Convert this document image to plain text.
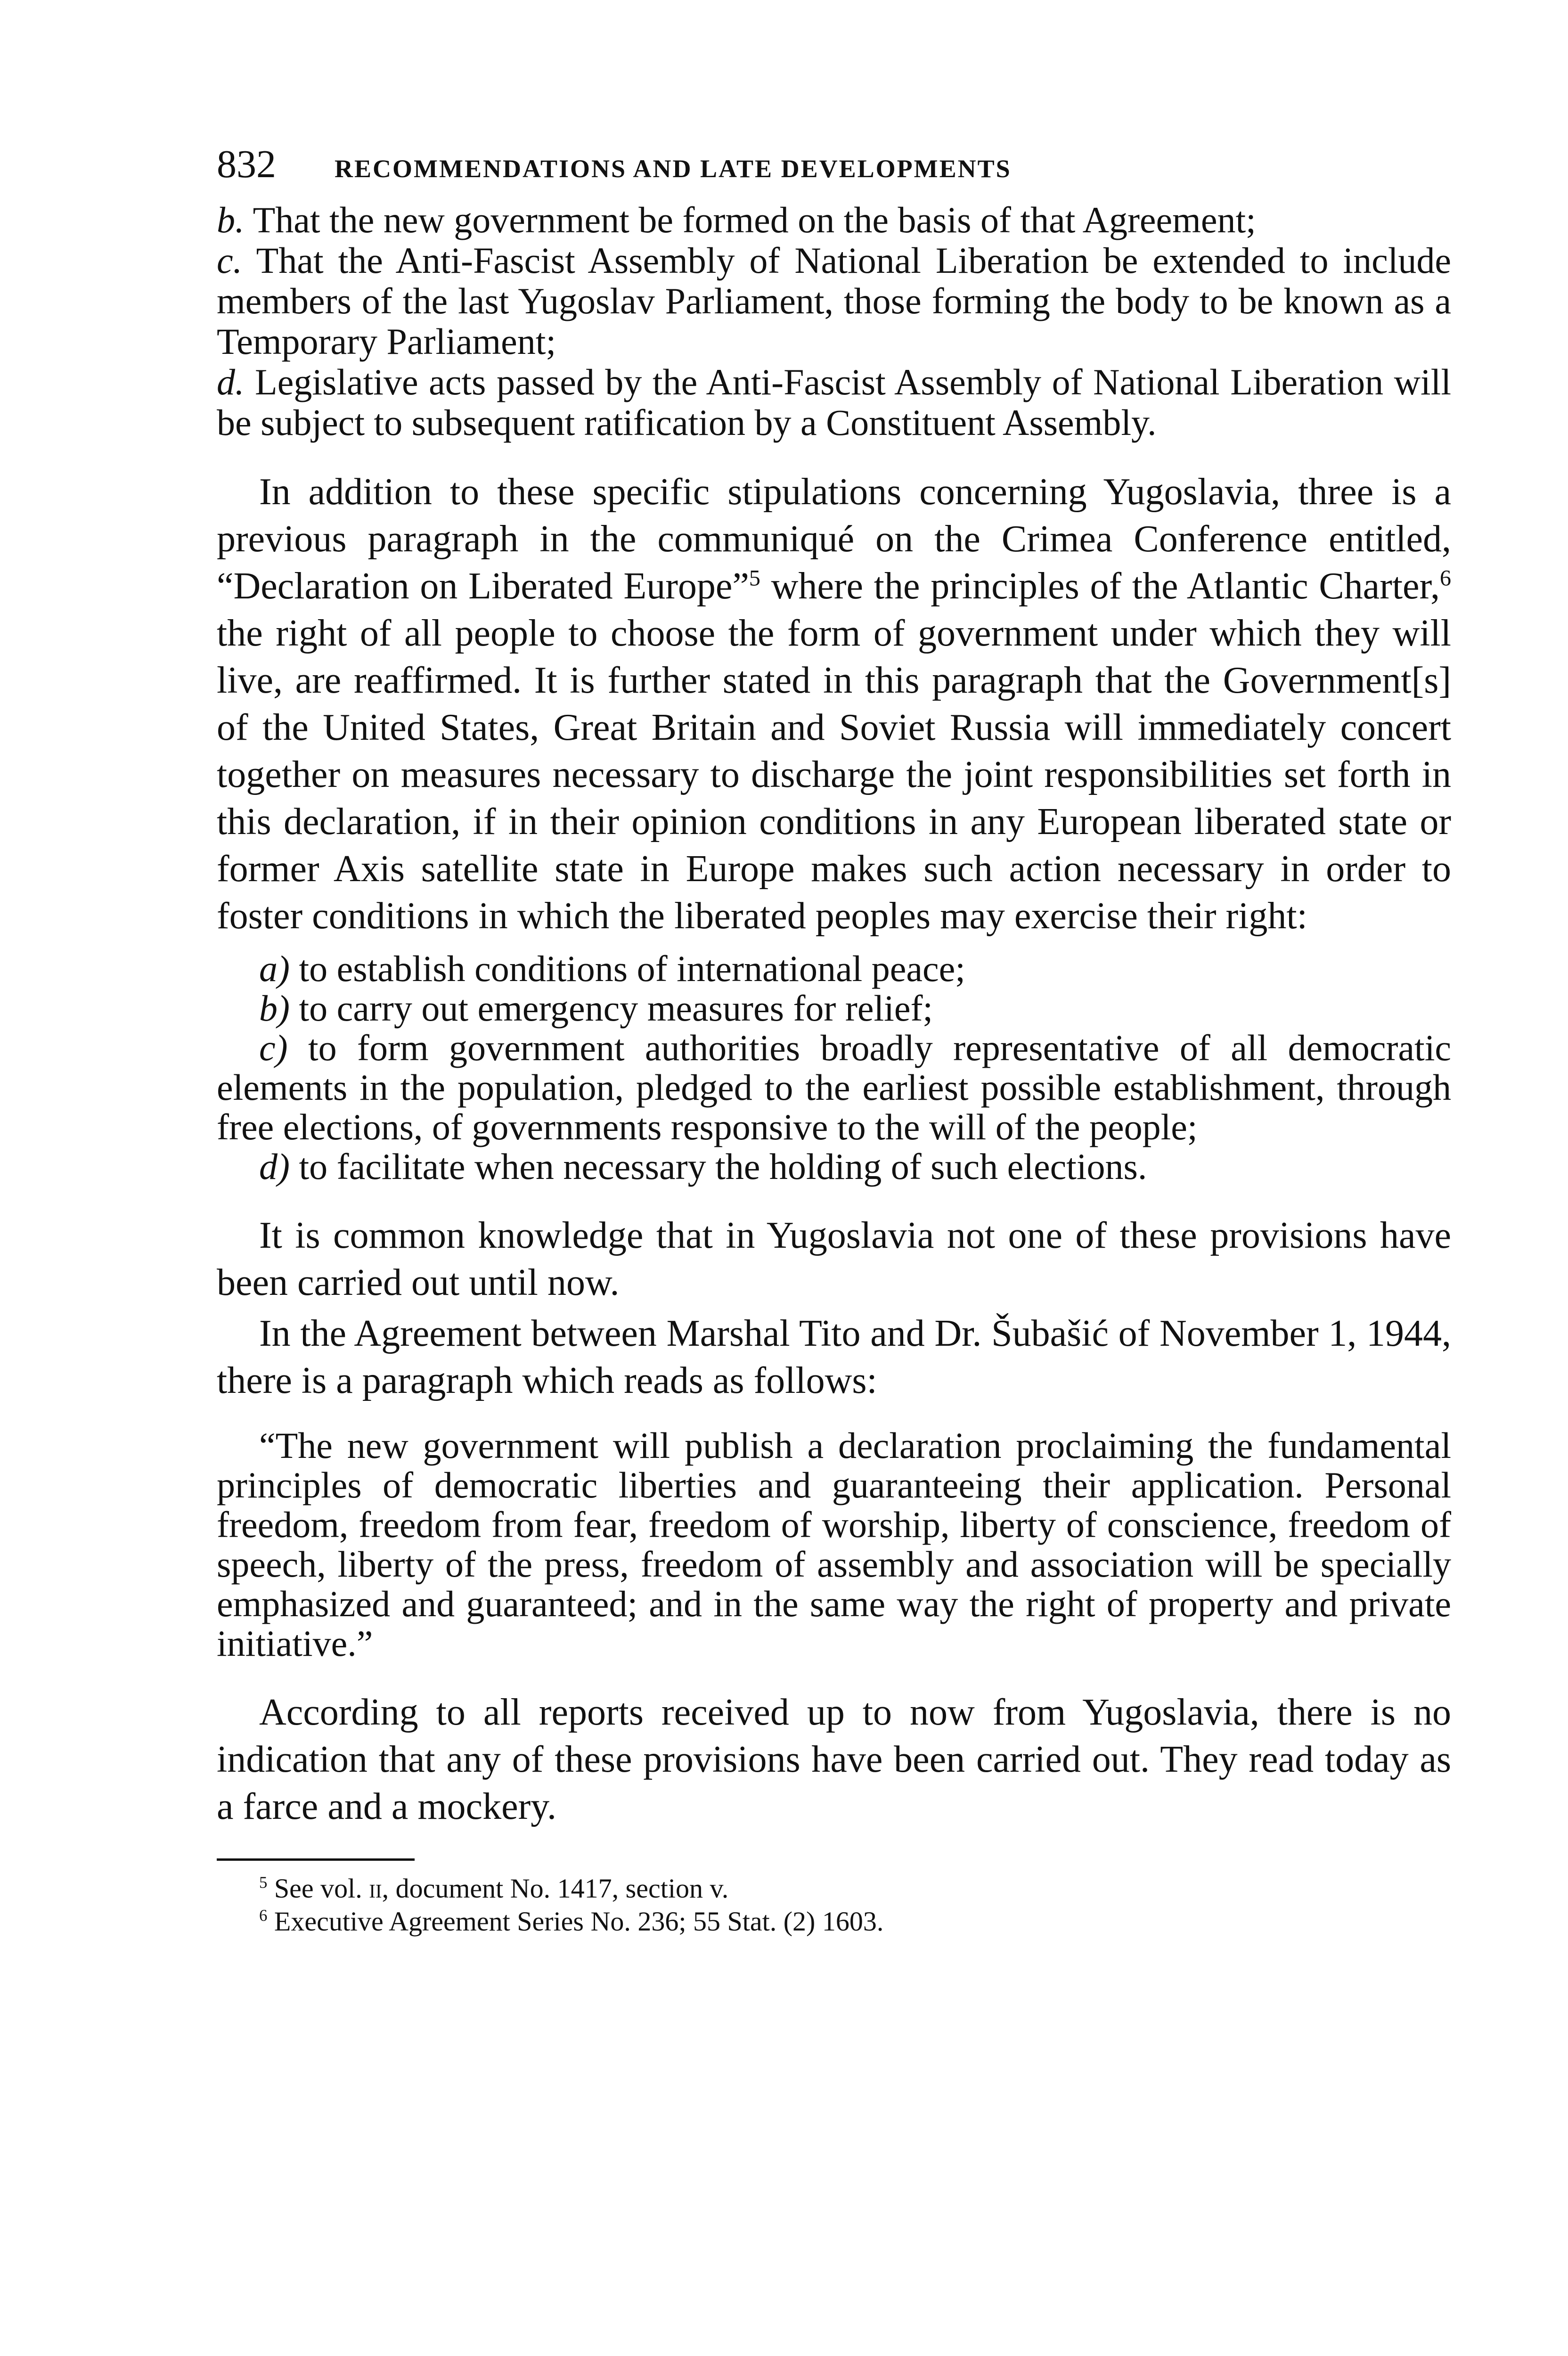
832	RECOMMENDATIONS AND LATE DEVELOPMENTS

b. That the new government be formed on the basis of that Agreement;

c. That the Anti-Fascist Assembly of National Liberation be extended to include members of the last Yugoslav Parliament, those forming the body to be known as a Temporary Parliament;

d. Legislative acts passed by the Anti-Fascist Assembly of National Liberation will be subject to subsequent ratification by a Constituent Assembly.

In addition to these specific stipulations concerning Yugoslavia, three is a previous paragraph in the communiqué on the Crimea Conference entitled, “Declaration on Liberated Europe”$^5$ where the principles of the Atlantic Charter,$^6$ the right of all people to choose the form of government under which they will live, are reaffirmed. It is further stated in this paragraph that the Government[s] of the United States, Great Britain and Soviet Russia will immediately concert together on measures necessary to discharge the joint responsibilities set forth in this declaration, if in their opinion conditions in any European liberated state or former Axis satellite state in Europe makes such action necessary in order to foster conditions in which the liberated peoples may exercise their right:

a) to establish conditions of international peace;

b) to carry out emergency measures for relief;

c) to form government authorities broadly representative of all democratic elements in the population, pledged to the earliest possible establishment, through free elections, of governments responsive to the will of the people;

d) to facilitate when necessary the holding of such elections.

It is common knowledge that in Yugoslavia not one of these provisions have been carried out until now.

In the Agreement between Marshal Tito and Dr. Šubašić of November 1, 1944, there is a paragraph which reads as follows:

“The new government will publish a declaration proclaiming the fundamental principles of democratic liberties and guaranteeing their application. Personal freedom, freedom from fear, freedom of worship, liberty of conscience, freedom of speech, liberty of the press, freedom of assembly and association will be specially emphasized and guaranteed; and in the same way the right of property and private initiative.”

According to all reports received up to now from Yugoslavia, there is no indication that any of these provisions have been carried out. They read today as a farce and a mockery.

$^5$ See vol. ii, document No. 1417, section v.

$^6$ Executive Agreement Series No. 236; 55 Stat. (2) 1603.
